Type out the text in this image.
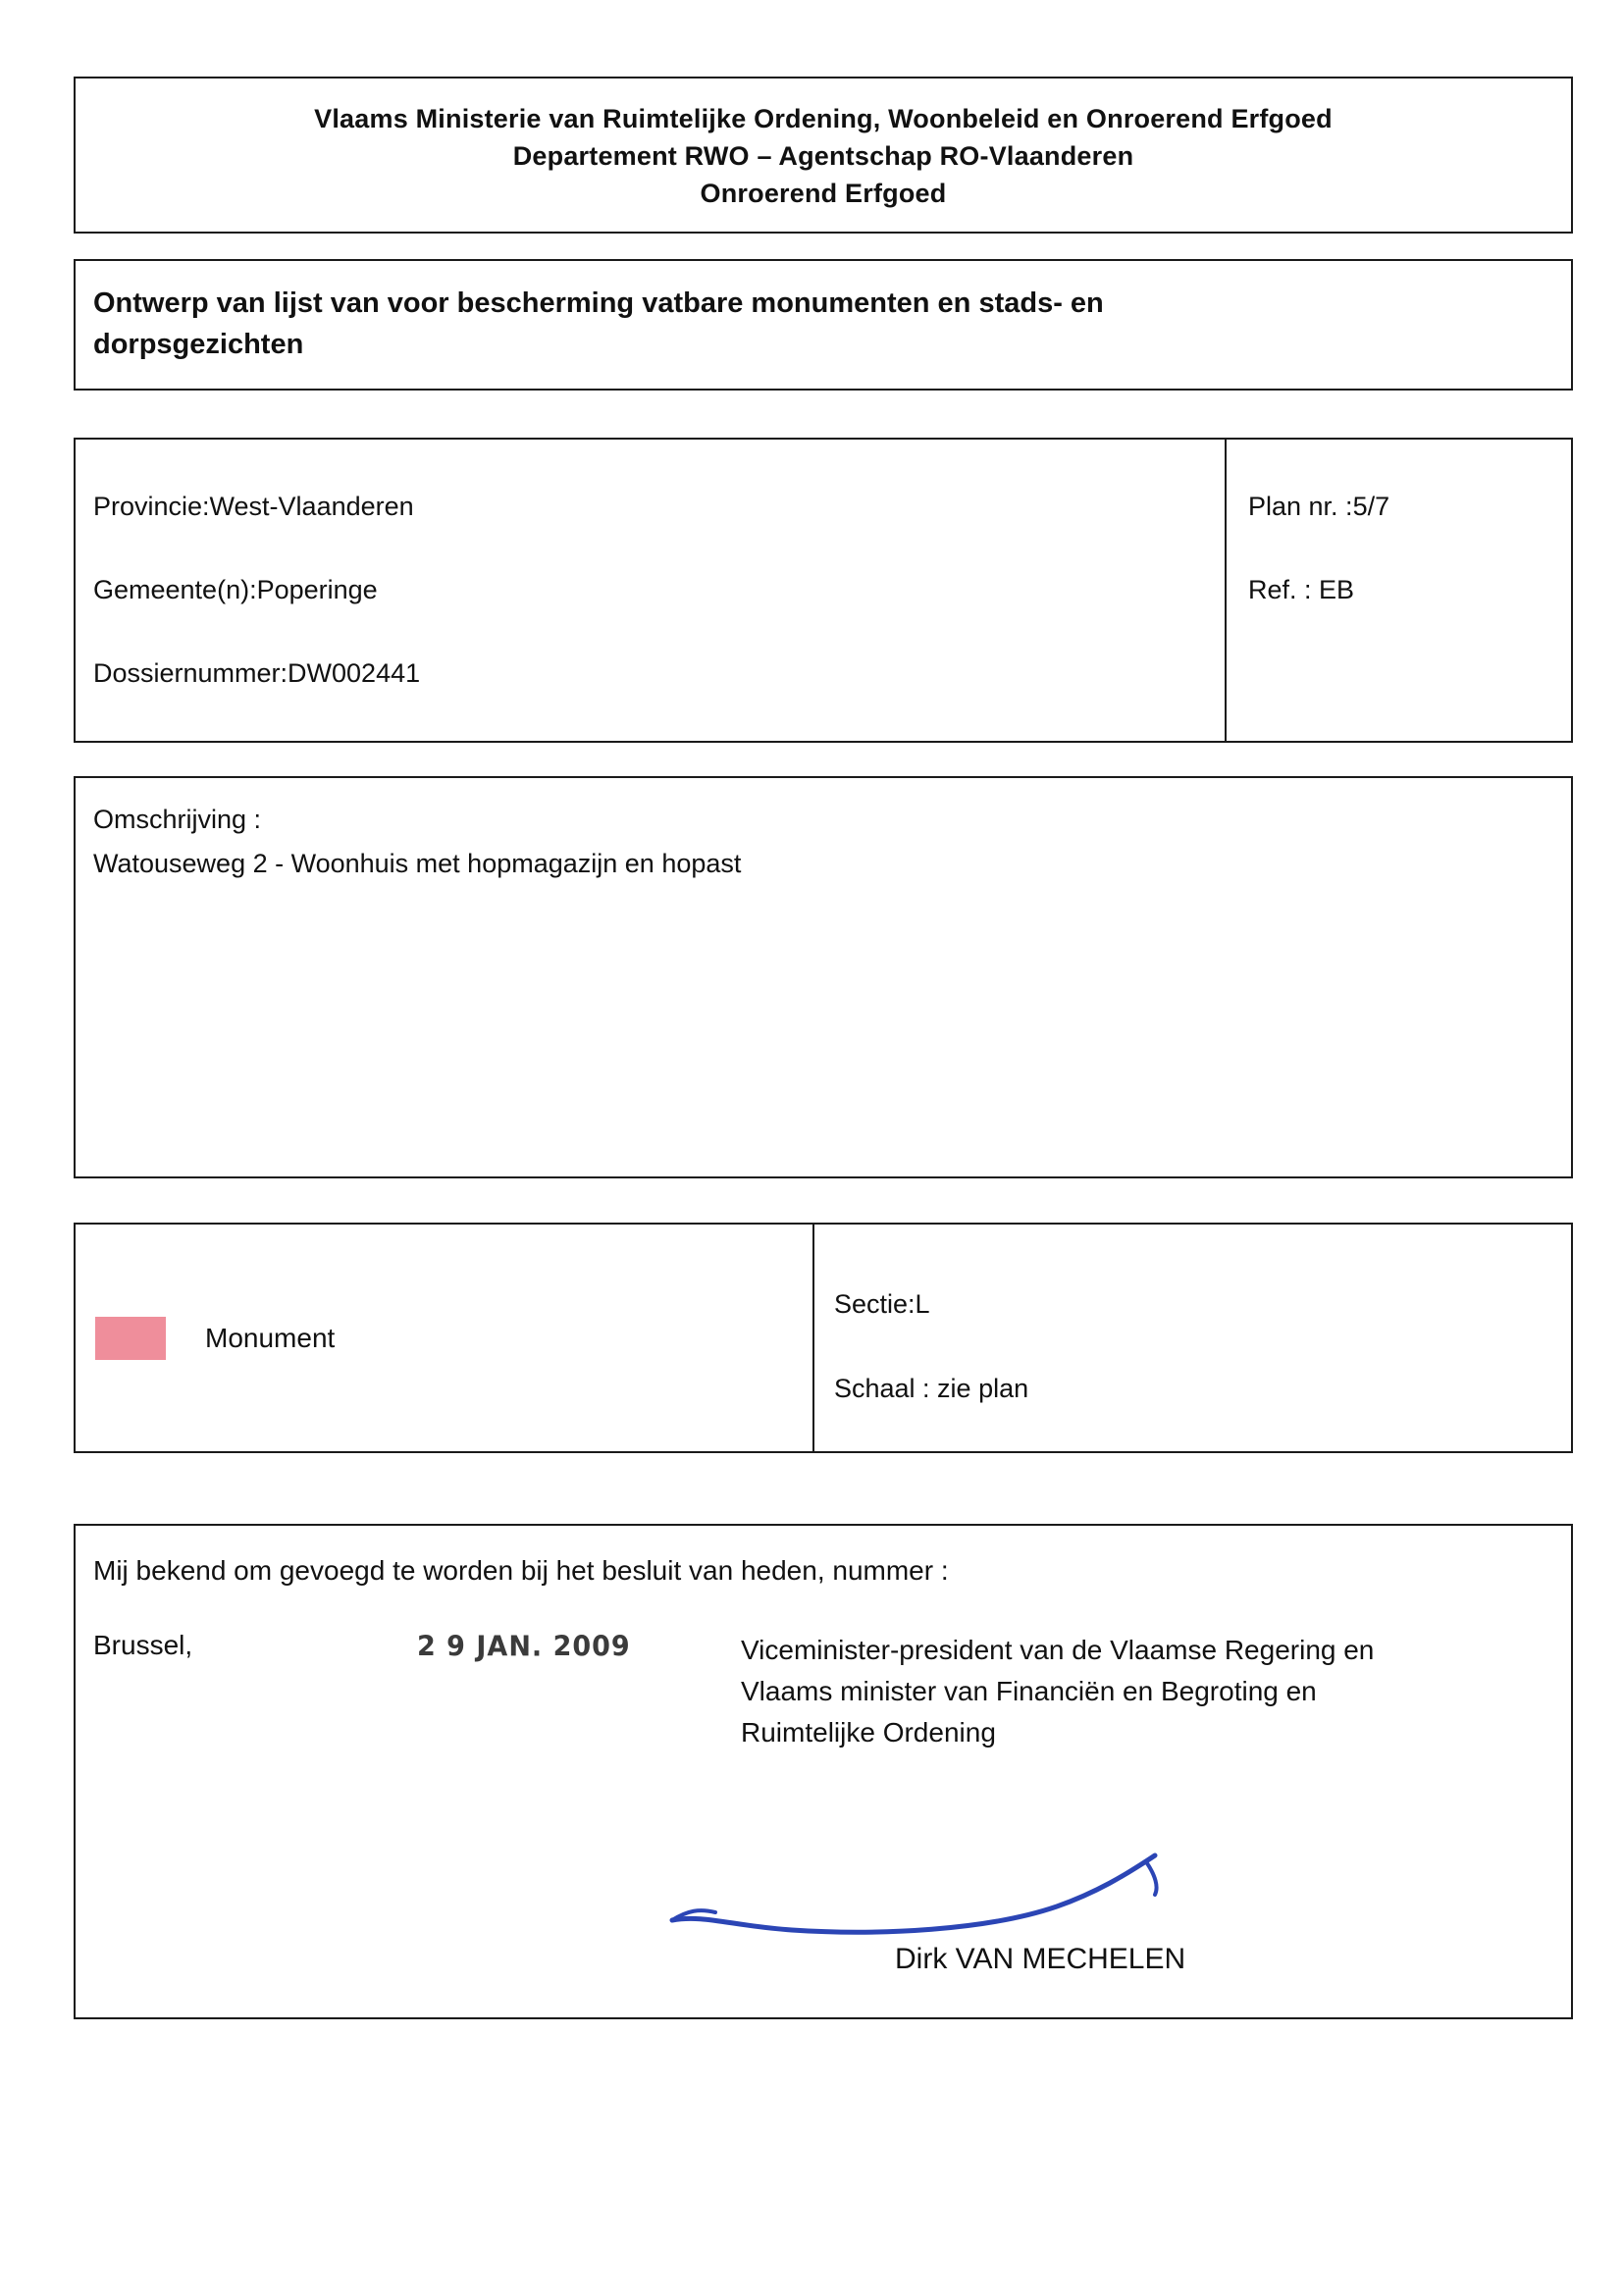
Vlaams Ministerie van Ruimtelijke Ordening, Woonbeleid en Onroerend Erfgoed
Departement RWO – Agentschap RO-Vlaanderen
Onroerend Erfgoed
Ontwerp van lijst van voor bescherming vatbare monumenten en stads- en
dorpsgezichten
Provincie:West-Vlaanderen
Gemeente(n):Poperinge
Dossiernummer:DW002441
Plan nr. :5/7
Ref. : EB
Omschrijving :
Watouseweg 2 - Woonhuis met hopmagazijn en hopast
Monument
Sectie:L
Schaal : zie plan
Mij bekend om gevoegd te worden bij het besluit van heden, nummer :
Brussel,	2 9 JAN. 2009	Viceminister-president van de Vlaamse Regering en Vlaams minister van Financiën en Begroting en Ruimtelijke Ordening
Dirk VAN MECHELEN
